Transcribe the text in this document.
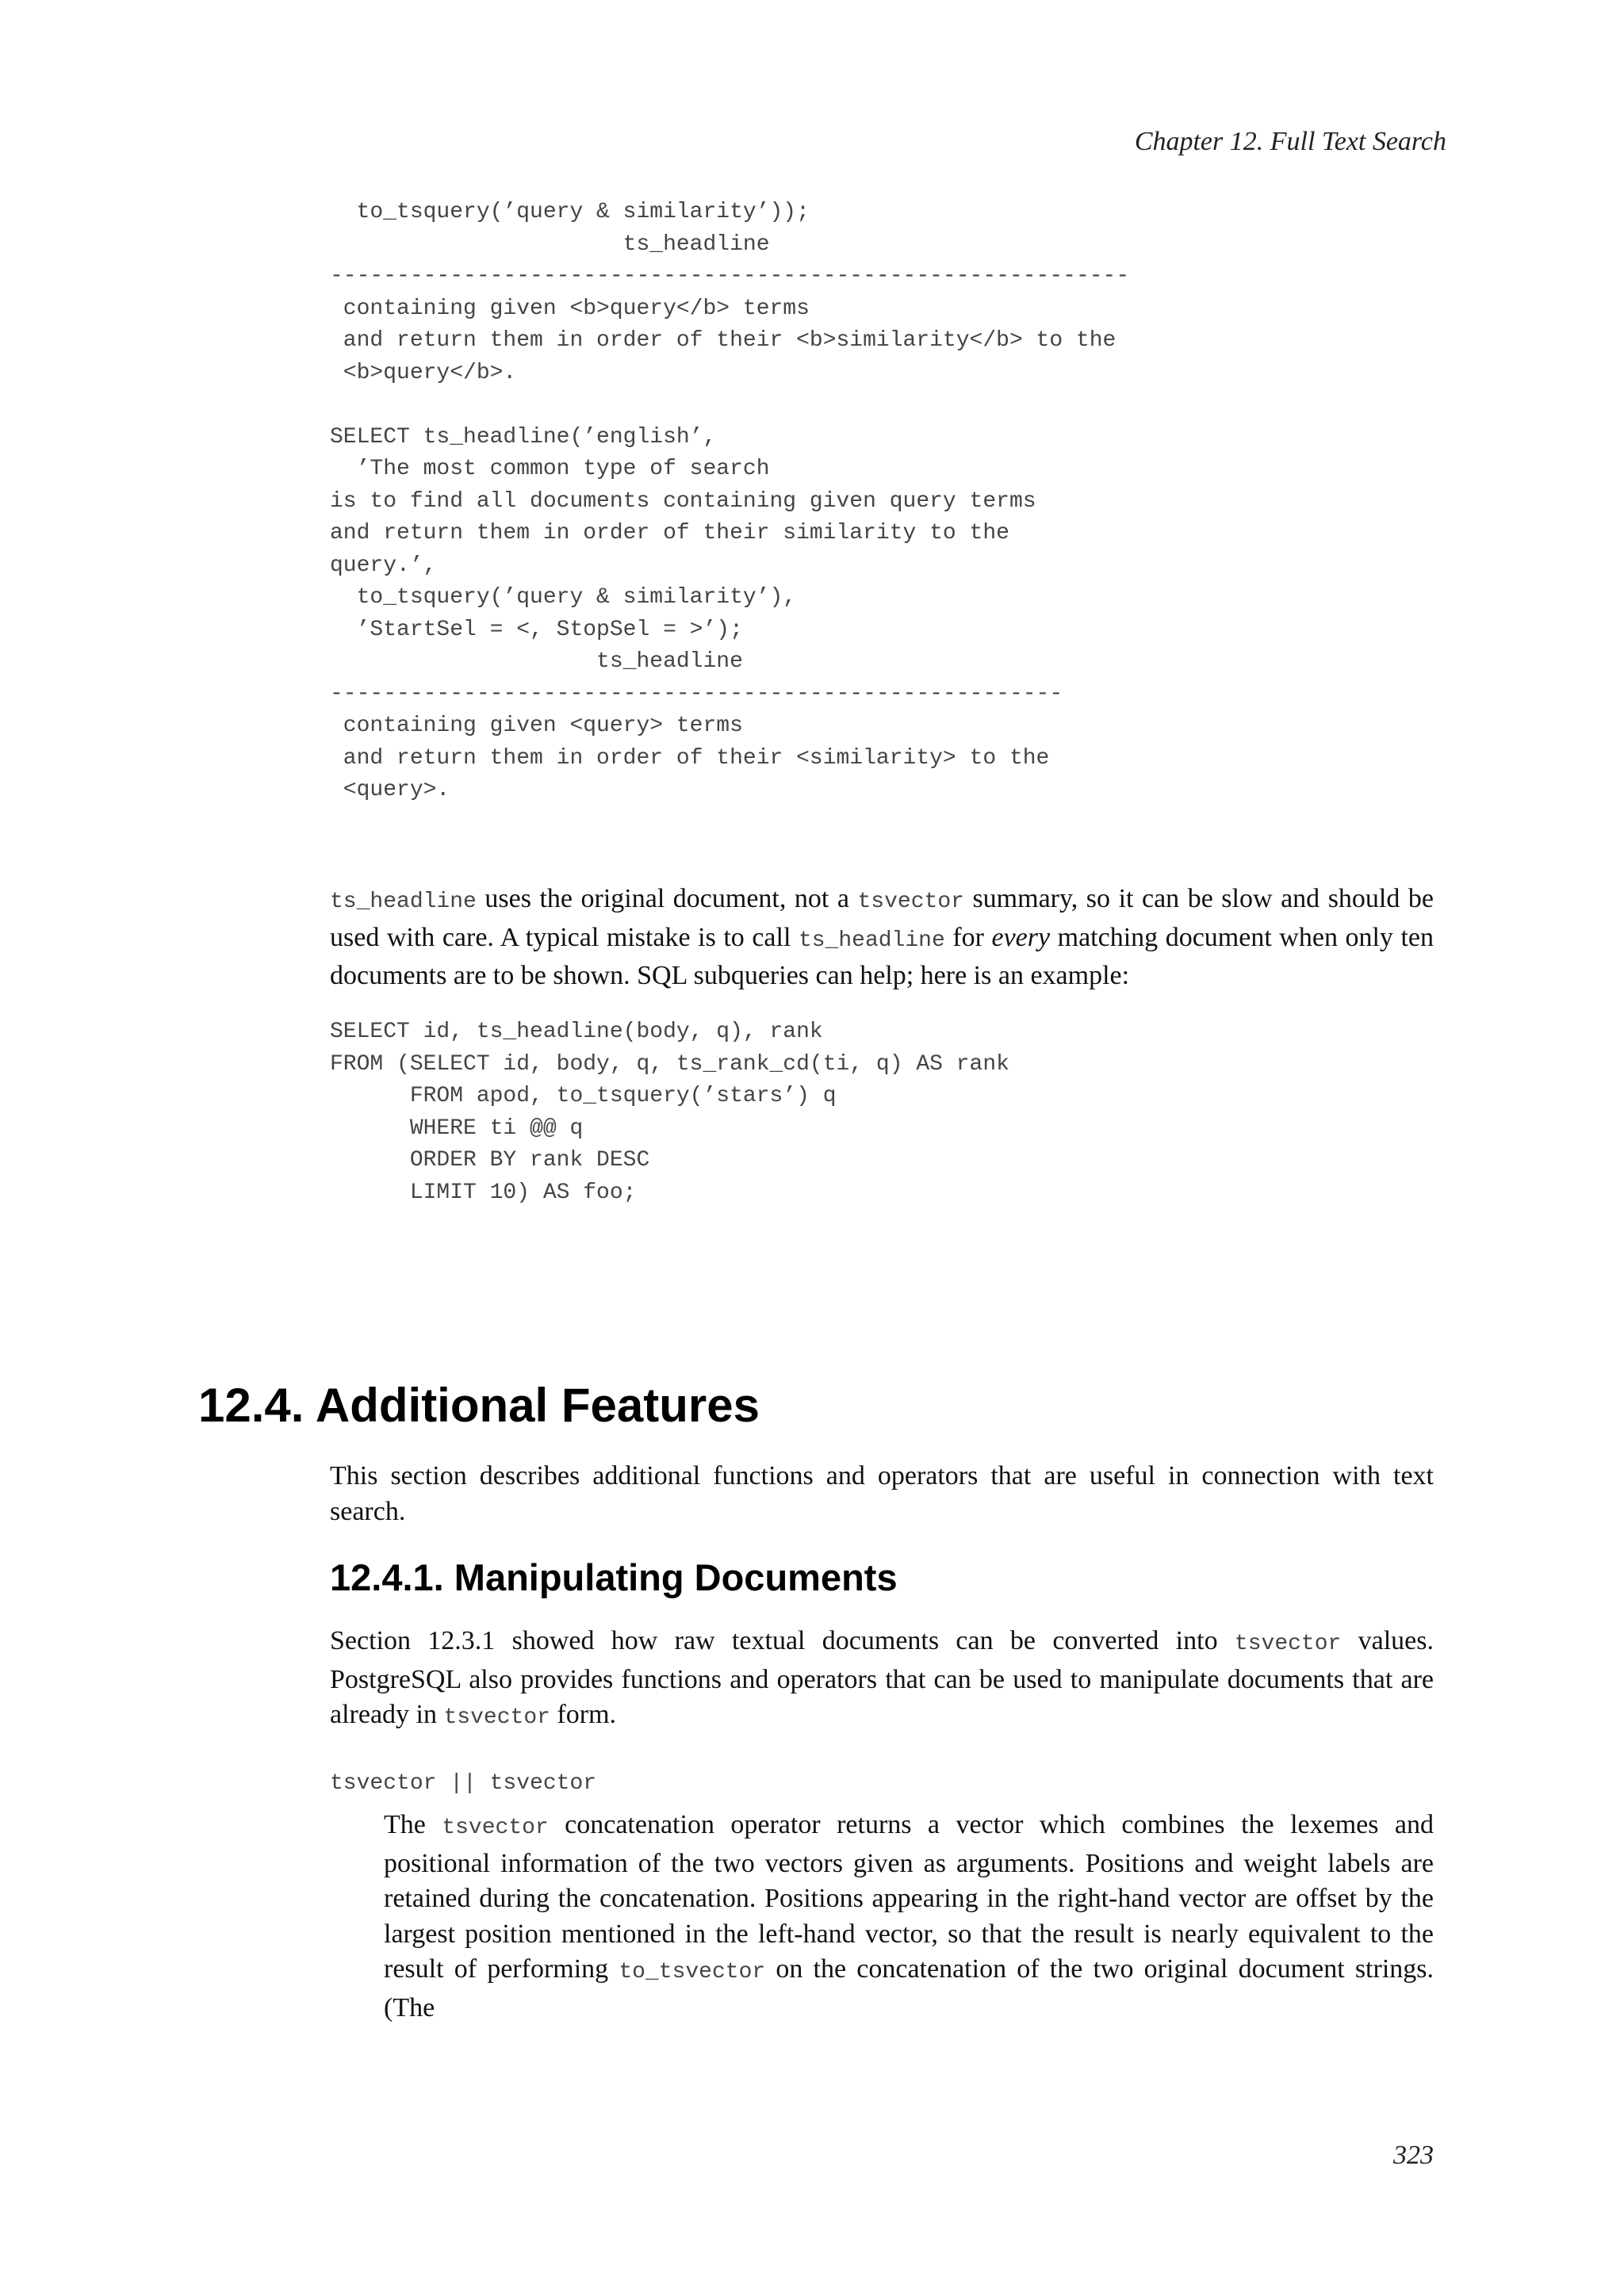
Chapter 12. Full Text Search
to_tsquery(’query & similarity’));
ts_headline
------------------------------------------------------------
containing given <b>query</b> terms
and return them in order of their <b>similarity</b> to the
<b>query</b>.

SELECT ts_headline(’english’,
’The most common type of search
is to find all documents containing given query terms
and return them in order of their similarity to the
query.’,
to_tsquery(’query & similarity’),
’StartSel = <, StopSel = >’);
ts_headline
-------------------------------------------------------
containing given <query> terms
and return them in order of their <similarity> to the
<query>.

ts_headline uses the original document, not a tsvector summary, so it can be slow and should be used with care. A typical mistake is to call ts_headline for every matching document when only ten documents are to be shown. SQL subqueries can help; here is an example:

SELECT id, ts_headline(body, q), rank
FROM (SELECT id, body, q, ts_rank_cd(ti, q) AS rank
FROM apod, to_tsquery(’stars’) q
WHERE ti @@ q
ORDER BY rank DESC
LIMIT 10) AS foo;
12.4. Additional Features

This section describes additional functions and operators that are useful in connection with text search.

12.4.1. Manipulating Documents

Section 12.3.1 showed how raw textual documents can be converted into tsvector values. PostgreSQL also provides functions and operators that can be used to manipulate documents that are already in tsvector form.

tsvector || tsvector

The tsvector concatenation operator returns a vector which combines the lexemes and positional information of the two vectors given as arguments. Positions and weight labels are retained during the concatenation. Positions appearing in the right-hand vector are offset by the largest position mentioned in the left-hand vector, so that the result is nearly equivalent to the result of performing to_tsvector on the concatenation of the two original document strings. (The

323
